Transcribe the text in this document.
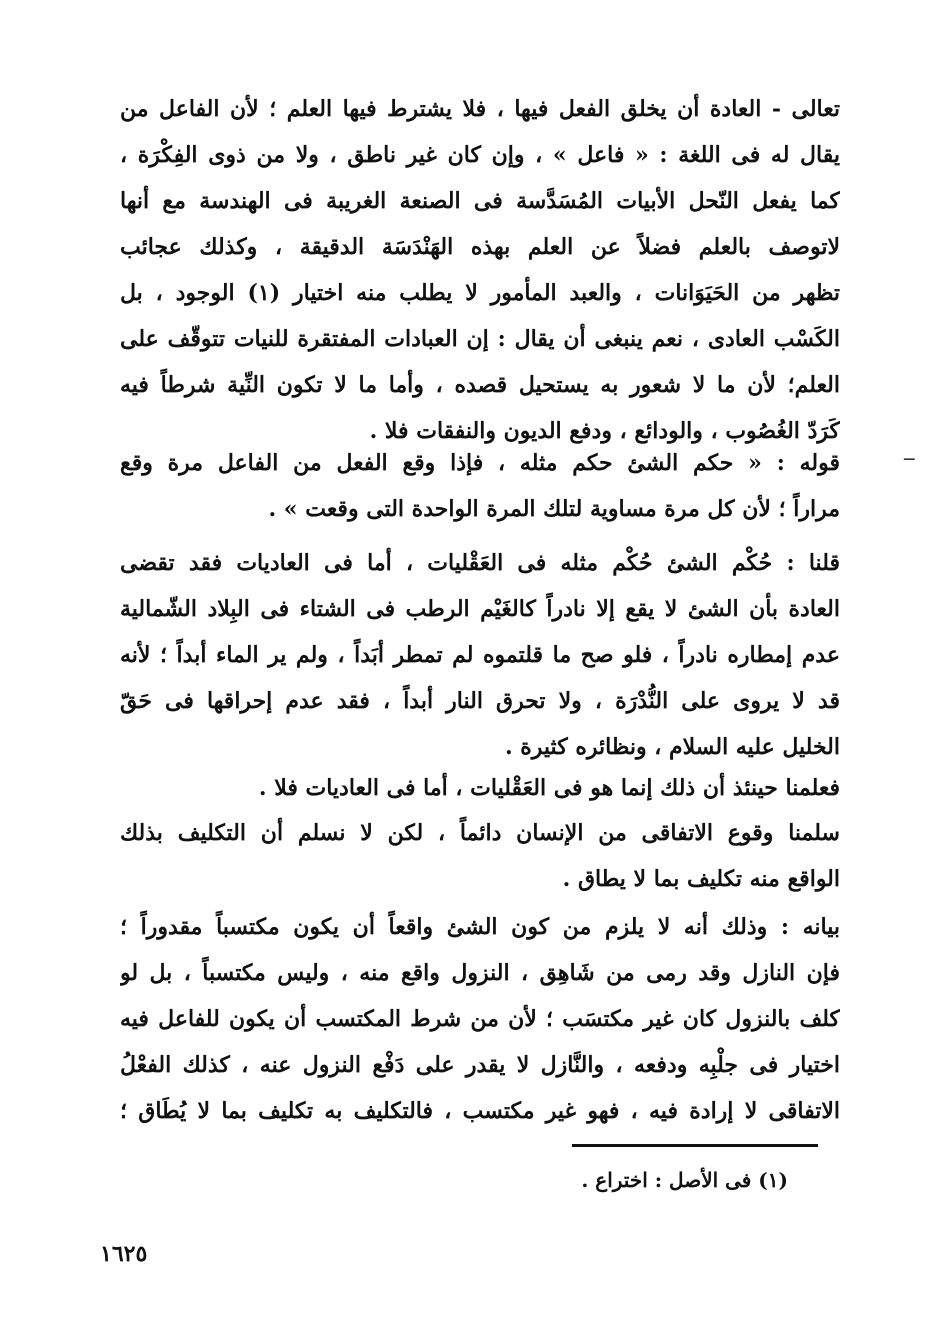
تعالى - العادة أن يخلق الفعل فيها ، فلا يشترط فيها العلم ؛ لأن الفاعل من
يقال له فى اللغة : « فاعل » ، وإن كان غير ناطق ، ولا من ذوى الفِكْرَة ،
كما يفعل النّحل الأبيات المُسَدَّسة فى الصنعة الغريبة فى الهندسة مع أنها
لاتوصف بالعلم فضلاً عن العلم بهذه الهَنْدَسَة الدقيقة ، وكذلك عجائب
تظهر من الحَيَوَانات ، والعبد المأمور لا يطلب منه اختيار (١) الوجود ، بل
الكَسْب العادى ، نعم ينبغى أن يقال : إن العبادات المفتقرة للنيات تتوقّف على
العلم؛ لأن ما لا شعور به يستحيل قصده ، وأما ما لا تكون النِّية شرطاً فيه
كَرَدّ الغُصُوب ، والودائع ، ودفع الديون والنفقات فلا .
قوله : « حكم الشئ حكم مثله ، فإذا وقع الفعل من الفاعل مرة وقع
مراراً ؛ لأن كل مرة مساوية لتلك المرة الواحدة التى وقعت » .
قلنا : حُكْم الشئ حُكْم مثله فى العَقْليات ، أما فى العاديات فقد تقضى
العادة بأن الشئ لا يقع إلا نادراً كالغَيْم الرطب فى الشتاء فى البِلاد الشّمالية
عدم إمطاره نادراً ، فلو صح ما قلتموه لم تمطر أبَداً ، ولم ير الماء أبداً ؛ لأنه
قد لا يروى على النُّدْرَة ، ولا تحرق النار أبداً ، فقد عدم إحراقها فى حَقّ
الخليل عليه السلام ، ونظائره كثيرة .
فعلمنا حينئذ أن ذلك إنما هو فى العَقْليات ، أما فى العاديات فلا .
سلمنا وقوع الاتفاقى من الإنسان دائماً ، لكن لا نسلم أن التكليف بذلك
الواقع منه تكليف بما لا يطاق .
بيانه : وذلك أنه لا يلزم من كون الشئ واقعاً أن يكون مكتسباً مقدوراً ؛
فإن النازل وقد رمى من شَاهِق ، النزول واقع منه ، وليس مكتسباً ، بل لو
كلف بالنزول كان غير مكتسَب ؛ لأن من شرط المكتسب أن يكون للفاعل فيه
اختيار فى جلْبِه ودفعه ، والنَّازل لا يقدر على دَفْع النزول عنه ، كذلك الفعْلُ
الاتفاقى لا إرادة فيه ، فهو غير مكتسب ، فالتكليف به تكليف بما لا يُطَاق ؛
(١) فى الأصل : اختراع .
١٦٢٥
ــ
